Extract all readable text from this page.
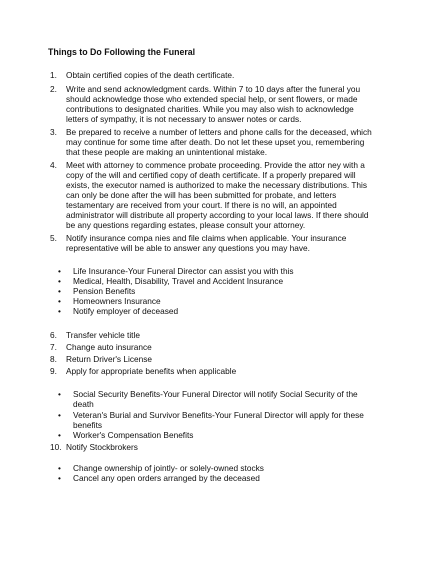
Things to Do Following the Funeral
1. Obtain certified copies of the death certificate.
2. Write and send acknowledgment cards. Within 7 to 10 days after the funeral you
should acknowledge those who extended special help, or sent flowers, or made
contributions to designated charities. While you may also wish to acknowledge
letters of sympathy, it is not necessary to answer notes or cards.
3. Be prepared to receive a number of letters and phone calls for the deceased, which
may continue for some time after death. Do not let these upset you, remembering
that these people are making an unintentional mistake.
4. Meet with attorney to commence probate proceeding. Provide the attor ney with a
copy of the will and certified copy of death certificate. If a properly prepared will
exists, the executor named is authorized to make the necessary distributions. This
can only be done after the will has been submitted for probate, and letters
testamentary are received from your court. If there is no will, an appointed
administrator will distribute all property according to your local laws. If there should
be any questions regarding estates, please consult your attorney.
5. Notify insurance compa nies and file claims when applicable. Your insurance
representative will be able to answer any questions you may have.
• Life Insurance-Your Funeral Director can assist you with this
• Medical, Health, Disability, Travel and Accident Insurance
• Pension Benefits
• Homeowners Insurance
• Notify employer of deceased
6. Transfer vehicle title
7. Change auto insurance
8. Return Driver's License
9. Apply for appropriate benefits when applicable
• Social Security Benefits-Your Funeral Director will notify Social Security of the
death
• Veteran's Burial and Survivor Benefits-Your Funeral Director will apply for these
benefits
• Worker's Compensation Benefits
10. Notify Stockbrokers
• Change ownership of jointly- or solely-owned stocks
• Cancel any open orders arranged by the deceased
